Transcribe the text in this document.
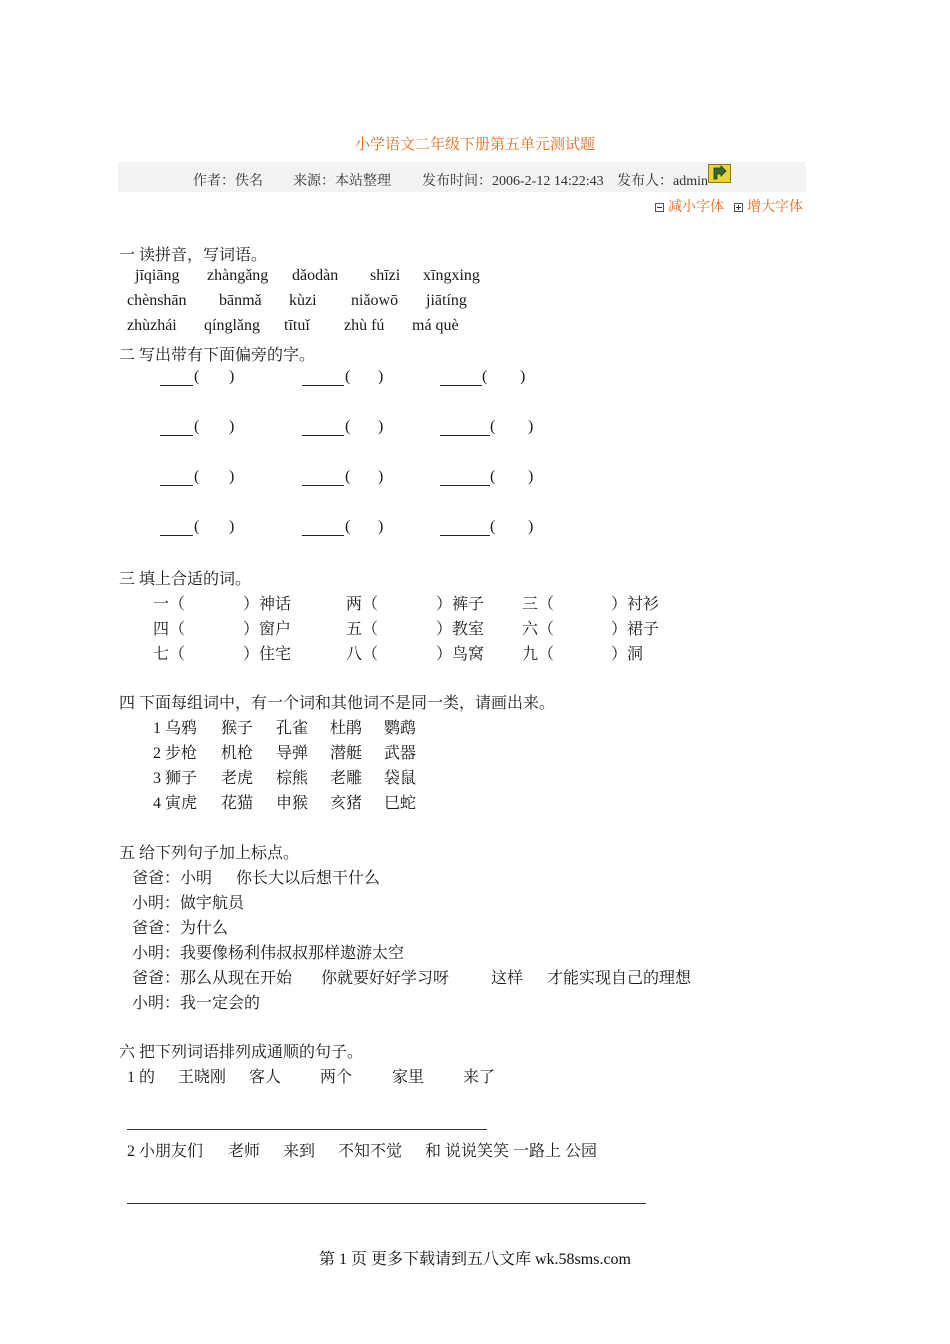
小学语文二年级下册第五单元测试题
作者：佚名 来源：本站整理 发布时间：2006-2-12 14:22:43 发布人：admin
减小字体	增大字体
一 读拼音，写词语。
jīqiāng zhàngǎng dǎodàn shīzi xīngxing
chènshān bānmǎ kùzi niǎowō jiātíng
zhùzhái qínglǎng tītuǐ zhù fú má què
二 写出带有下面偏旁的字。
( )	( )	( )
( )	( )	( )
( )	( )	( )
( )	( )	( )
三 填上合适的词。
一（	）神话	两（	）裤子 三（	）衬衫
四（	）窗户	五（	）教室 六（	）裙子
七（	）住宅	八（	）鸟窝 九（	）洞
四 下面每组词中，有一个词和其他词不是同一类，请画出来。
1 乌鸦 猴子 孔雀 杜鹃 鹦鹉
2 步枪 机枪 导弹 潜艇 武器
3 狮子 老虎 棕熊 老雕 袋鼠
4 寅虎 花猫 申猴 亥猪 巳蛇
五 给下列句子加上标点。
爸爸：小明 你长大以后想干什么
小明：做宇航员
爸爸：为什么
小明：我要像杨利伟叔叔那样遨游太空
爸爸：那么从现在开始 你就要好好学习呀	这样 才能实现自己的理想
小明：我一定会的
六 把下列词语排列成通顺的句子。
1 的 王晓刚 客人 两个 家里 来了
2 小朋友们 老师 来到 不知不觉 和 说说笑笑 一路上 公园
第 1 页 更多下载请到五八文库 wk.58sms.com
